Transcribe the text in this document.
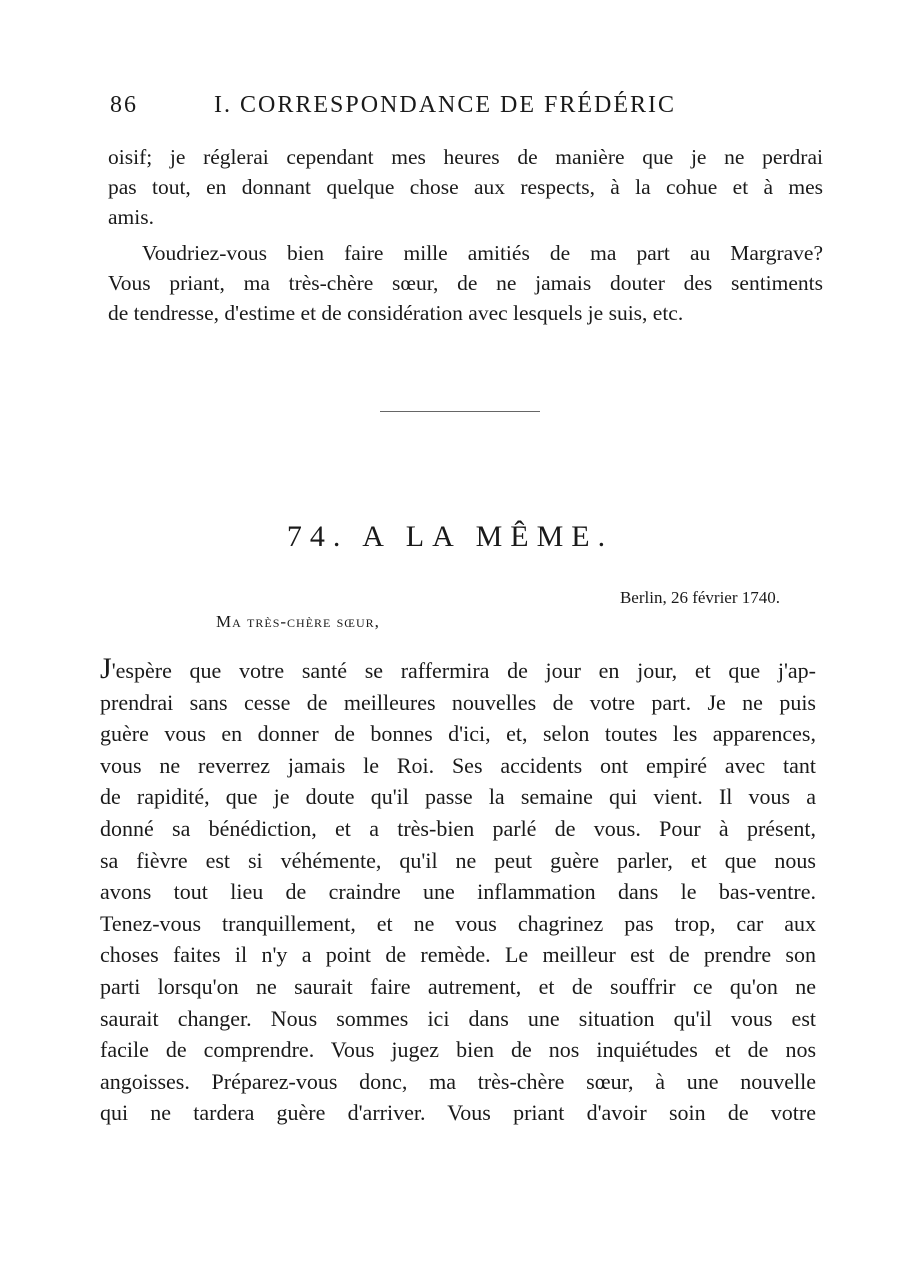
86	I. CORRESPONDANCE DE FRÉDÉRIC
oisif; je réglerai cependant mes heures de manière que je ne perdrai
pas tout, en donnant quelque chose aux respects, à la cohue et à mes
amis.
Voudriez-vous bien faire mille amitiés de ma part au Margrave?
Vous priant, ma très-chère sœur, de ne jamais douter des sentiments
de tendresse, d'estime et de considération avec lesquels je suis, etc.
74. A LA MÊME.
Berlin, 26 février 1740.
Ma très-chère sœur,
J'espère que votre santé se raffermira de jour en jour, et que j'ap-
prendrai sans cesse de meilleures nouvelles de votre part. Je ne puis
guère vous en donner de bonnes d'ici, et, selon toutes les apparences,
vous ne reverrez jamais le Roi. Ses accidents ont empiré avec tant
de rapidité, que je doute qu'il passe la semaine qui vient. Il vous a
donné sa bénédiction, et a très-bien parlé de vous. Pour à présent,
sa fièvre est si véhémente, qu'il ne peut guère parler, et que nous
avons tout lieu de craindre une inflammation dans le bas-ventre.
Tenez-vous tranquillement, et ne vous chagrinez pas trop, car aux
choses faites il n'y a point de remède. Le meilleur est de prendre son
parti lorsqu'on ne saurait faire autrement, et de souffrir ce qu'on ne
saurait changer. Nous sommes ici dans une situation qu'il vous est
facile de comprendre. Vous jugez bien de nos inquiétudes et de nos
angoisses. Préparez-vous donc, ma très-chère sœur, à une nouvelle
qui ne tardera guère d'arriver. Vous priant d'avoir soin de votre
